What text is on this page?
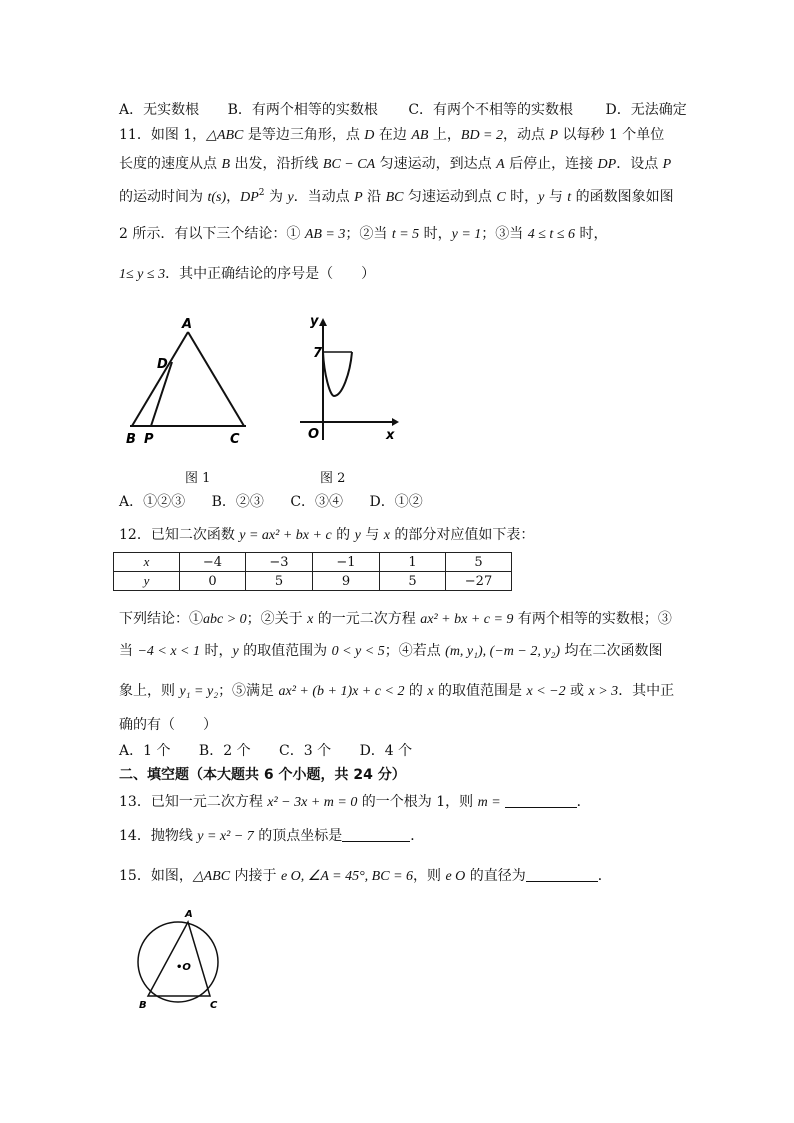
A．无实数根 B．有两个相等的实数根 C．有两个不相等的实数根 D．无法确定
11．如图 1，△ABC 是等边三角形，点 D 在边 AB 上，BD = 2，动点 P 以每秒 1 个单位
长度的速度从点 B 出发，沿折线 BC − CA 匀速运动，到达点 A 后停止，连接 DP．设点 P
的运动时间为 t(s)，$DP^2$ 为 y．当动点 P 沿 BC 匀速运动到点 C 时，y 与 t 的函数图象如图
2 所示．有以下三个结论：① AB = 3；②当 t = 5 时，y = 1；③当 4 ≤ t ≤ 6 时，
1≤ y ≤ 3．其中正确结论的序号是（　　）
A
D
B P	C
图 1
y
7
O	x
图 2
A．①②③ B．②③ C．③④ D．①②
12．已知二次函数 y = ax² + bx + c 的 y 与 x 的部分对应值如下表：
x	−4	−3	−1	1	5
y	0	5	9	5	−27
下列结论：①abc > 0；②关于 x 的一元二次方程 ax² + bx + c = 9 有两个相等的实数根；③
当 −4 < x < 1 时，y 的取值范围为 0 < y < 5；④若点 (m, y₁), (−m − 2, y₂) 均在二次函数图
象上，则 y₁ = y₂；⑤满足 ax² + (b + 1)x + c < 2 的 x 的取值范围是 x < −2 或 x > 3．其中正
确的有（　　）
A．1 个 B．2 个 C．3 个 D．4 个
二、填空题（本大题共 6 个小题，共 24 分）
13．已知一元二次方程 x² − 3x + m = 0 的一个根为 1，则 m =	．
14．抛物线 y = x² − 7 的顶点坐标是	．
15．如图，△ABC 内接于 e O, ∠A = 45°, BC = 6，则 e O 的直径为	．
A
•O
B	C
